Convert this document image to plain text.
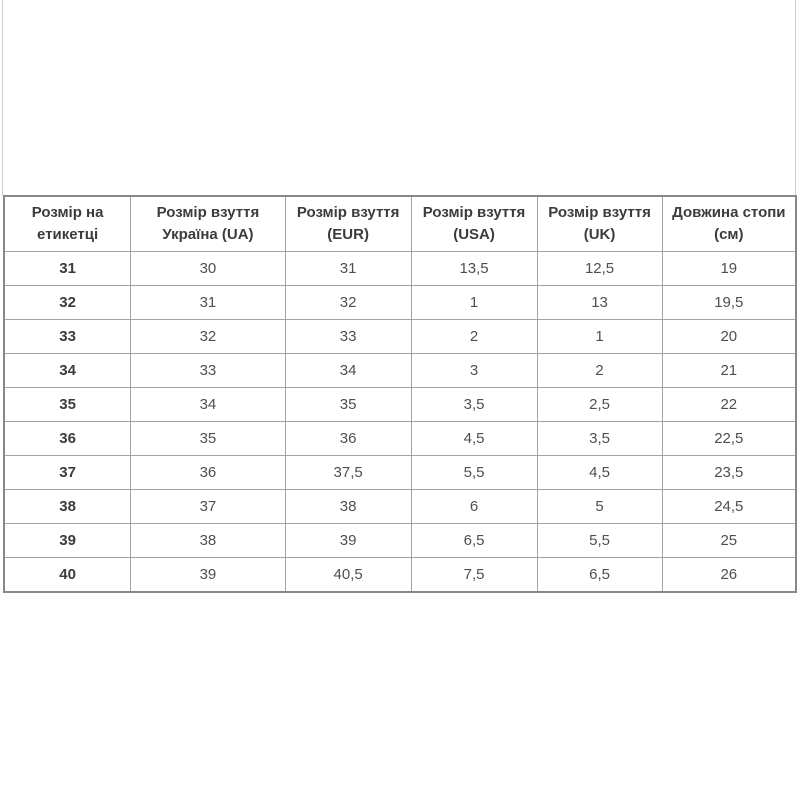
Розмір на етикетці	Розмір взуття Україна (UA)	Розмір взуття (EUR)	Розмір взуття (USA)	Розмір взуття (UK)	Довжина стопи (см)
31	30	31	13,5	12,5	19
32	31	32	1	13	19,5
33	32	33	2	1	20
34	33	34	3	2	21
35	34	35	3,5	2,5	22
36	35	36	4,5	3,5	22,5
37	36	37,5	5,5	4,5	23,5
38	37	38	6	5	24,5
39	38	39	6,5	5,5	25
40	39	40,5	7,5	6,5	26
